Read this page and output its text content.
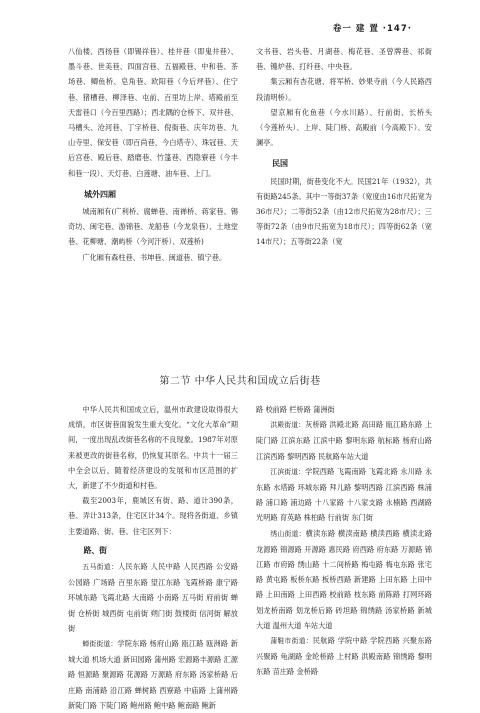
卷一 建 置 ·147·

八仙楼、西扬巷（即锡祥巷）、桂井巷（即鬼井巷）、墨斗巷、世美巷、四面宫巷、五福殿巷、中和巷、茶场巷、鲫鱼桥、皂角巷、欧阳巷（今后坪巷）、住宁巷、猪槽巷、柳泽巷、屯前、百里坊上岸、塔殿前至天雷巷口（今百里西路）；西北隅的仓桥下、双井巷、马槽头、沧河巷、丁字桥巷、倪衙巷、庆年坊巷、九山寺里、保安巷（即百尚巷，今白塔寺）、珠冠巷、天后宫巷、殿后巷、踏磨巷、竹篷巷、西隐寮巷（今丰和巷一段）、天灯巷、白莲塘、油车巷、上门。

城外四厢

城南厢有(广利桥、腐蝉巷、南禅桥、蒋家巷、锡奇坊、闽宅巷、游锦巷、龙船巷（今龙泉巷）、土地堂巷、花柳塘、潮屿桥（今河汗桥）、双莲桥)

广化厢有森柱巷、书坤巷、闽道巷、镇宁巷。

文书巷、岩头巷、月湖巷、梅花巷、圣曾牌巷、祁衙巷、镬炉巷、打纤巷、中央巷。

集云厢有杏花塘、将军桥、妙果寺前（今人民路西段清明桥）。

望京厢有化鱼巷（今水川路）、行前街、长桥头（今莲桥头）、上岸、陡门桥、高殿前（今高殿下）、安澜亭。

民国

民国时期，街巷变化不大。民国21年（1932），共有街路245条。其中一等街37条（宽度由16市尺拓宽为36市尺）；二等街52条（由12市尺拓宽为28市尺）；三等街72条（由9市尺拓宽为18市尺）；四等街62条（宽14市尺）；五等街22条（宽

第二节 中华人民共和国成立后街巷

中华人民共和国成立后，温州市政建设取得很大成绩，市区街巷面貌发生重大变化。“文化大革命”期间，一度出现乱改街巷名称的不良现象。1987年对原来被更改的街巷名称，仍恢复其原名。中共十一届三中全会以后，随着经济建设的发展和市区范围的扩大，新建了不少街道和村巷。

截至2003年，鹿城区有街、路、道计390条，巷、弄计313条，住宅区计34个。现将各街道、乡镇主要道路、街、巷、住宅区列下：

路、街

五马街道：人民东路 人民中路 人民西路 公安路 公园路 广场路 百里东路 望江东路 飞霞桥路 康宁路 环城东路 飞霞北路 大南路 小南路 五马街 府前街 蝉街 仓桥街 城西街 屯前街 朔门街 鼓楼街 信河街 解放街

蝉街街道：学院东路 杨府山路 瓯江路 瓯洲路 新城大道 机场大道 新田园路 蒲州路 宏源路丰源路 汇源路 恒源路 聚源路 花源路 万源路 府东路 汤家桥路 后庄路 南浦路 沿江路 蝉树路 西寮路 中庙路 上蒲州路 新陡门路 下陡门路 鲍州路 鲍中路 鲍南路 鲍新

路 校前路 栏桥路 蒲洲街

洪殿街道：灰桥路 洪殿北路 高田路 瓯江路东路 上陡门路 江滨东路 江滨中路 黎明东路 航标路 杨府山路 江滨西路 黎明西路 民航路车站大道

江滨街道：学院西路 飞霞南路 飞霞北路 永川路 永东路 水塔路 环城东路 拜儿路 黎明西路 江滨西路 株浦路 浦口路 浦边路 十八家路 十八家支路 永楠路 西湖路 光明路 育英路 株柏路 行前街 东门街

绣山街道：横渎东路 横渎南路 横渎西路 横渎北路 龙源路 锦源路 开源路 惠民路 府西路 府东路 万源路 锦江路 市府路 绣山路 十二间桥路 梅屯路 梅屯东路 张宅路 黄屯路 板桥东路 板桥西路 新建路 上田东路 上田中路 上田南路 上田西路 校前路 枝东路 前陈路 打网环路 划龙桥南路 划龙桥后路 砖坦路 锦绣路 汤家桥路 新城大道 温州大道 车站大道

蒲鞋市街道：民航路 学院中路 学院西路 兴聚东路 兴聚路 龟湖路 金纶桥路 上村路 洪殿南路 锦绣路 黎明东路 苗庄路 金桥路
